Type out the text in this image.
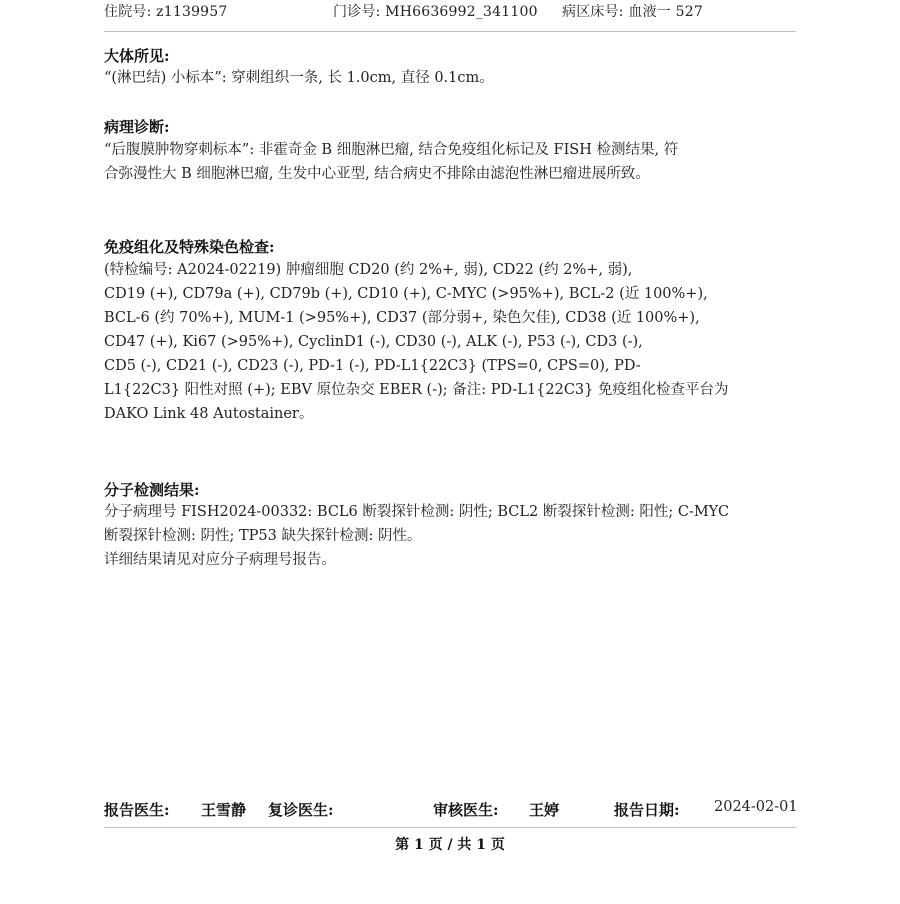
住院号: z1139957	门诊号: MH6636992_341100 病区床号: 血液一 527
大体所见:
“(淋巴结) 小标本”: 穿刺组织一条, 长 1.0cm, 直径 0.1cm。
病理诊断:
“后腹膜肿物穿刺标本”: 非霍奇金 B 细胞淋巴瘤, 结合免疫组化标记及 FISH 检测结果, 符
合弥漫性大 B 细胞淋巴瘤, 生发中心亚型, 结合病史不排除由滤泡性淋巴瘤进展所致。
免疫组化及特殊染色检查:
(特检编号: A2024-02219) 肿瘤细胞 CD20 (约 2%+, 弱), CD22 (约 2%+, 弱),
CD19 (+), CD79a (+), CD79b (+), CD10 (+), C-MYC (>95%+), BCL-2 (近 100%+),
BCL-6 (约 70%+), MUM-1 (>95%+), CD37 (部分弱+, 染色欠佳), CD38 (近 100%+),
CD47 (+), Ki67 (>95%+), CyclinD1 (-), CD30 (-), ALK (-), P53 (-), CD3 (-),
CD5 (-), CD21 (-), CD23 (-), PD-1 (-), PD-L1{22C3} (TPS=0, CPS=0), PD-
L1{22C3} 阳性对照 (+); EBV 原位杂交 EBER (-); 备注: PD-L1{22C3} 免疫组化检查平台为
DAKO Link 48 Autostainer。
分子检测结果:
分子病理号 FISH2024-00332: BCL6 断裂探针检测: 阴性; BCL2 断裂探针检测: 阳性; C-MYC
断裂探针检测: 阴性; TP53 缺失探针检测: 阴性。
详细结果请见对应分子病理号报告。
报告医生: 王雪静 复诊医生:	审核医生: 王婷	报告日期: 2024-02-01
第 1 页 / 共 1 页
